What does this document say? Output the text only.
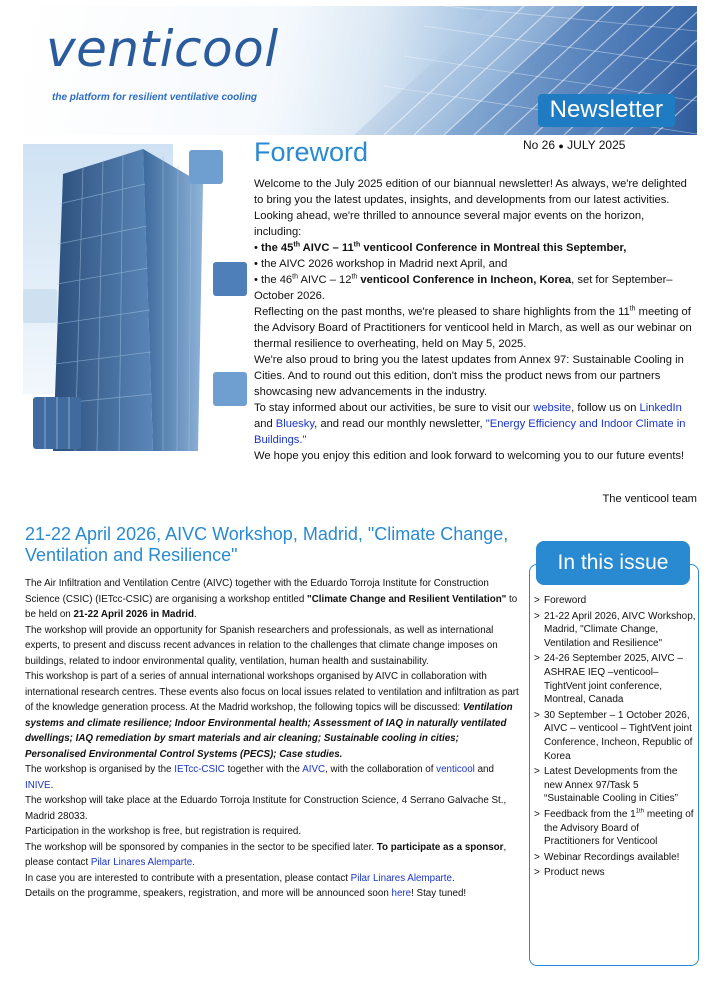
venticool
the platform for resilient ventilative cooling	Newsletter
No 26 ● JULY 2025
Foreword

Welcome to the July 2025 edition of our biannual newsletter! As always, we're delighted to bring you the latest updates, insights, and developments from our latest activities. Looking ahead, we're thrilled to announce several major events on the horizon, including:

• the 45th AIVC – 11th venticool Conference in Montreal this September,

• the AIVC 2026 workshop in Madrid next April, and

• the 46th AIVC – 12th venticool Conference in Incheon, Korea, set for September–October 2026.

Reflecting on the past months, we're pleased to share highlights from the 11th meeting of the Advisory Board of Practitioners for venticool held in March, as well as our webinar on thermal resilience to overheating, held on May 5, 2025.

We're also proud to bring you the latest updates from Annex 97: Sustainable Cooling in Cities. And to round out this edition, don't miss the product news from our partners showcasing new advancements in the industry.

To stay informed about our activities, be sure to visit our website, follow us on LinkedIn and Bluesky, and read our monthly newsletter, "Energy Efficiency and Indoor Climate in Buildings."

We hope you enjoy this edition and look forward to welcoming you to our future events!

The venticool team
21-22 April 2026, AIVC Workshop, Madrid, "Climate Change, Ventilation and Resilience"

The Air Infiltration and Ventilation Centre (AIVC) together with the Eduardo Torroja Institute for Construction Science (CSIC) (IETcc-CSIC) are organising a workshop entitled "Climate Change and Resilient Ventilation" to be held on 21-22 April 2026 in Madrid.

The workshop will provide an opportunity for Spanish researchers and professionals, as well as international experts, to present and discuss recent advances in relation to the challenges that climate change imposes on buildings, related to indoor environmental quality, ventilation, human health and sustainability.

This workshop is part of a series of annual international workshops organised by AIVC in collaboration with international research centres. These events also focus on local issues related to ventilation and infiltration as part of the knowledge generation process. At the Madrid workshop, the following topics will be discussed: Ventilation systems and climate resilience; Indoor Environmental health; Assessment of IAQ in naturally ventilated dwellings; IAQ remediation by smart materials and air cleaning; Sustainable cooling in cities; Personalised Environmental Control Systems (PECS); Case studies.

The workshop is organised by the IETcc-CSIC together with the AIVC, with the collaboration of venticool and INIVE.

The workshop will take place at the Eduardo Torroja Institute for Construction Science, 4 Serrano Galvache St., Madrid 28033.

Participation in the workshop is free, but registration is required.

The workshop will be sponsored by companies in the sector to be specified later. To participate as a sponsor, please contact Pilar Linares Alemparte.

In case you are interested to contribute with a presentation, please contact Pilar Linares Alemparte.

Details on the programme, speakers, registration, and more will be announced soon here! Stay tuned!

In this issue
> Foreword
> 21-22 April 2026, AIVC Workshop, Madrid, "Climate Change, Ventilation and Resilience"
> 24-26 September 2025, AIVC – ASHRAE IEQ –venticool– TightVent joint conference, Montreal, Canada
> 30 September – 1 October 2026, AIVC – venticool – TightVent joint Conference, Incheon, Republic of Korea
> Latest Developments from the new Annex 97/Task 5 “Sustainable Cooling in Cities”
> Feedback from the $1^{1th}$ meeting of the Advisory Board of Practitioners for Venticool
> Webinar Recordings available!
> Product news
